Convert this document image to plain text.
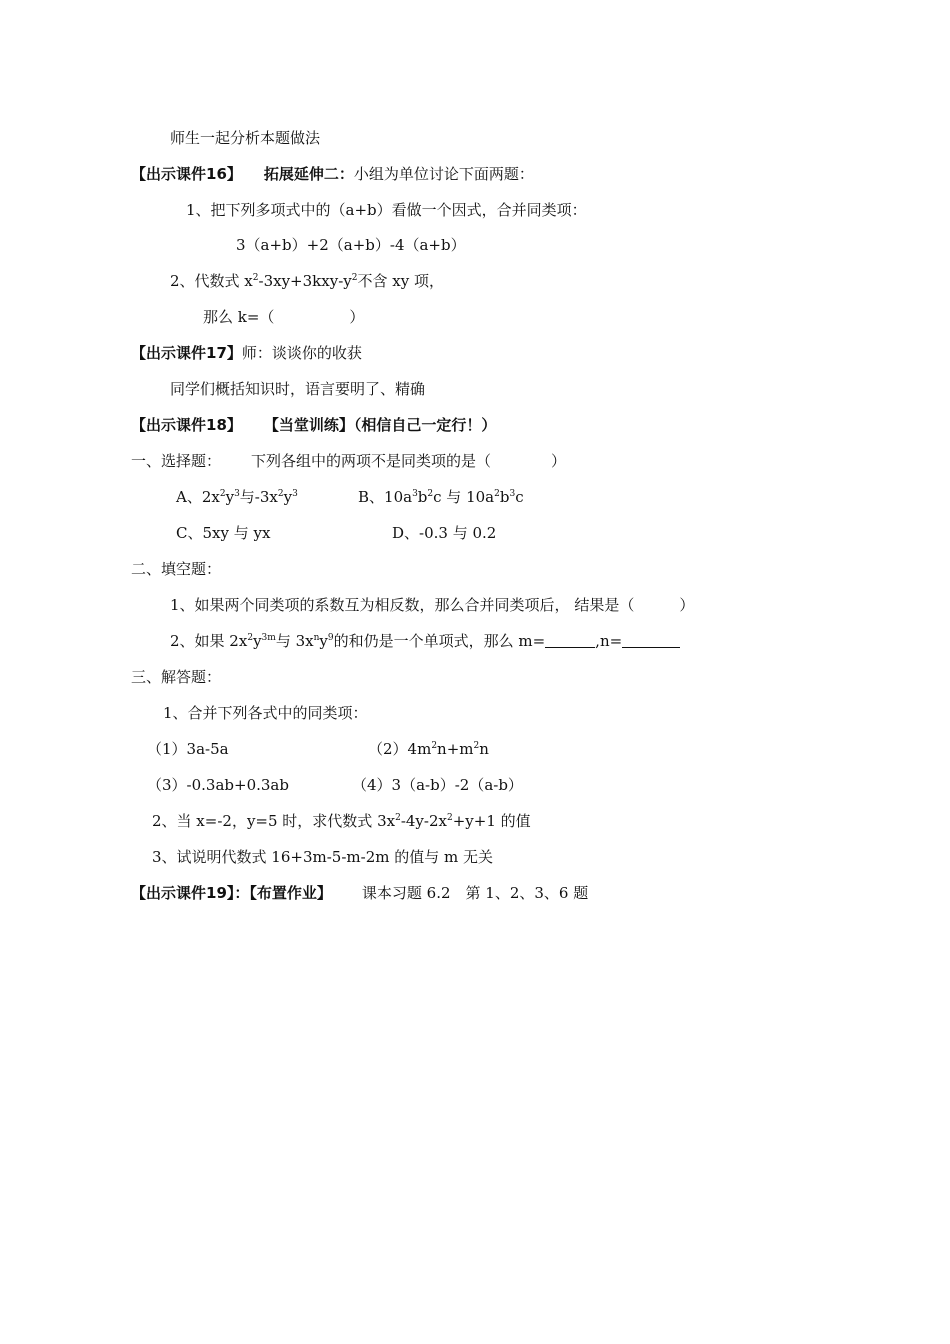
师生一起分析本题做法
【出示课件16】 拓展延伸二：小组为单位讨论下面两题：
1、把下列多项式中的（a+b）看做一个因式，合并同类项：
3（a+b）+2（a+b）-4（a+b）
2、代数式 $x^2-3xy+3kxy-y^2$不含 xy 项，
那么 k=（　　　　　）
【出示课件17】师：谈谈你的收获
同学们概括知识时，语言要明了、精确
【出示课件18】 【当堂训练】（相信自己一定行！）
一、选择题： 下列各组中的两项不是同类项的是（　　　　）
A、$2x^2y^3$与$-3x^2y^3$	B、$10a^3b^2c$ 与 $10a^2b^3c$
C、5xy 与 yx	D、-0.3 与 0.2
二、填空题：
1、如果两个同类项的系数互为相反数，那么合并同类项后， 结果是（　　　）
2、如果 $2x^2y^{3m}$与 $3x^ny^9$的和仍是一个单项式，那么 m=	,n=
三、解答题：
1、合并下列各式中的同类项：
（1）3a-5a	$(2)4m^2n+m^2n$
（3）-0.3ab+0.3ab	（4）3（a-b）-2（a-b）
2、当 x=-2，y=5 时，求代数式 $3x^2-4y-2x^2+y+1$ 的值
3、试说明代数式 16+3m-5-m-2m 的值与 m 无关
【出示课件19】：【布置作业】 课本习题 6.2　第 1、2、3、6 题
